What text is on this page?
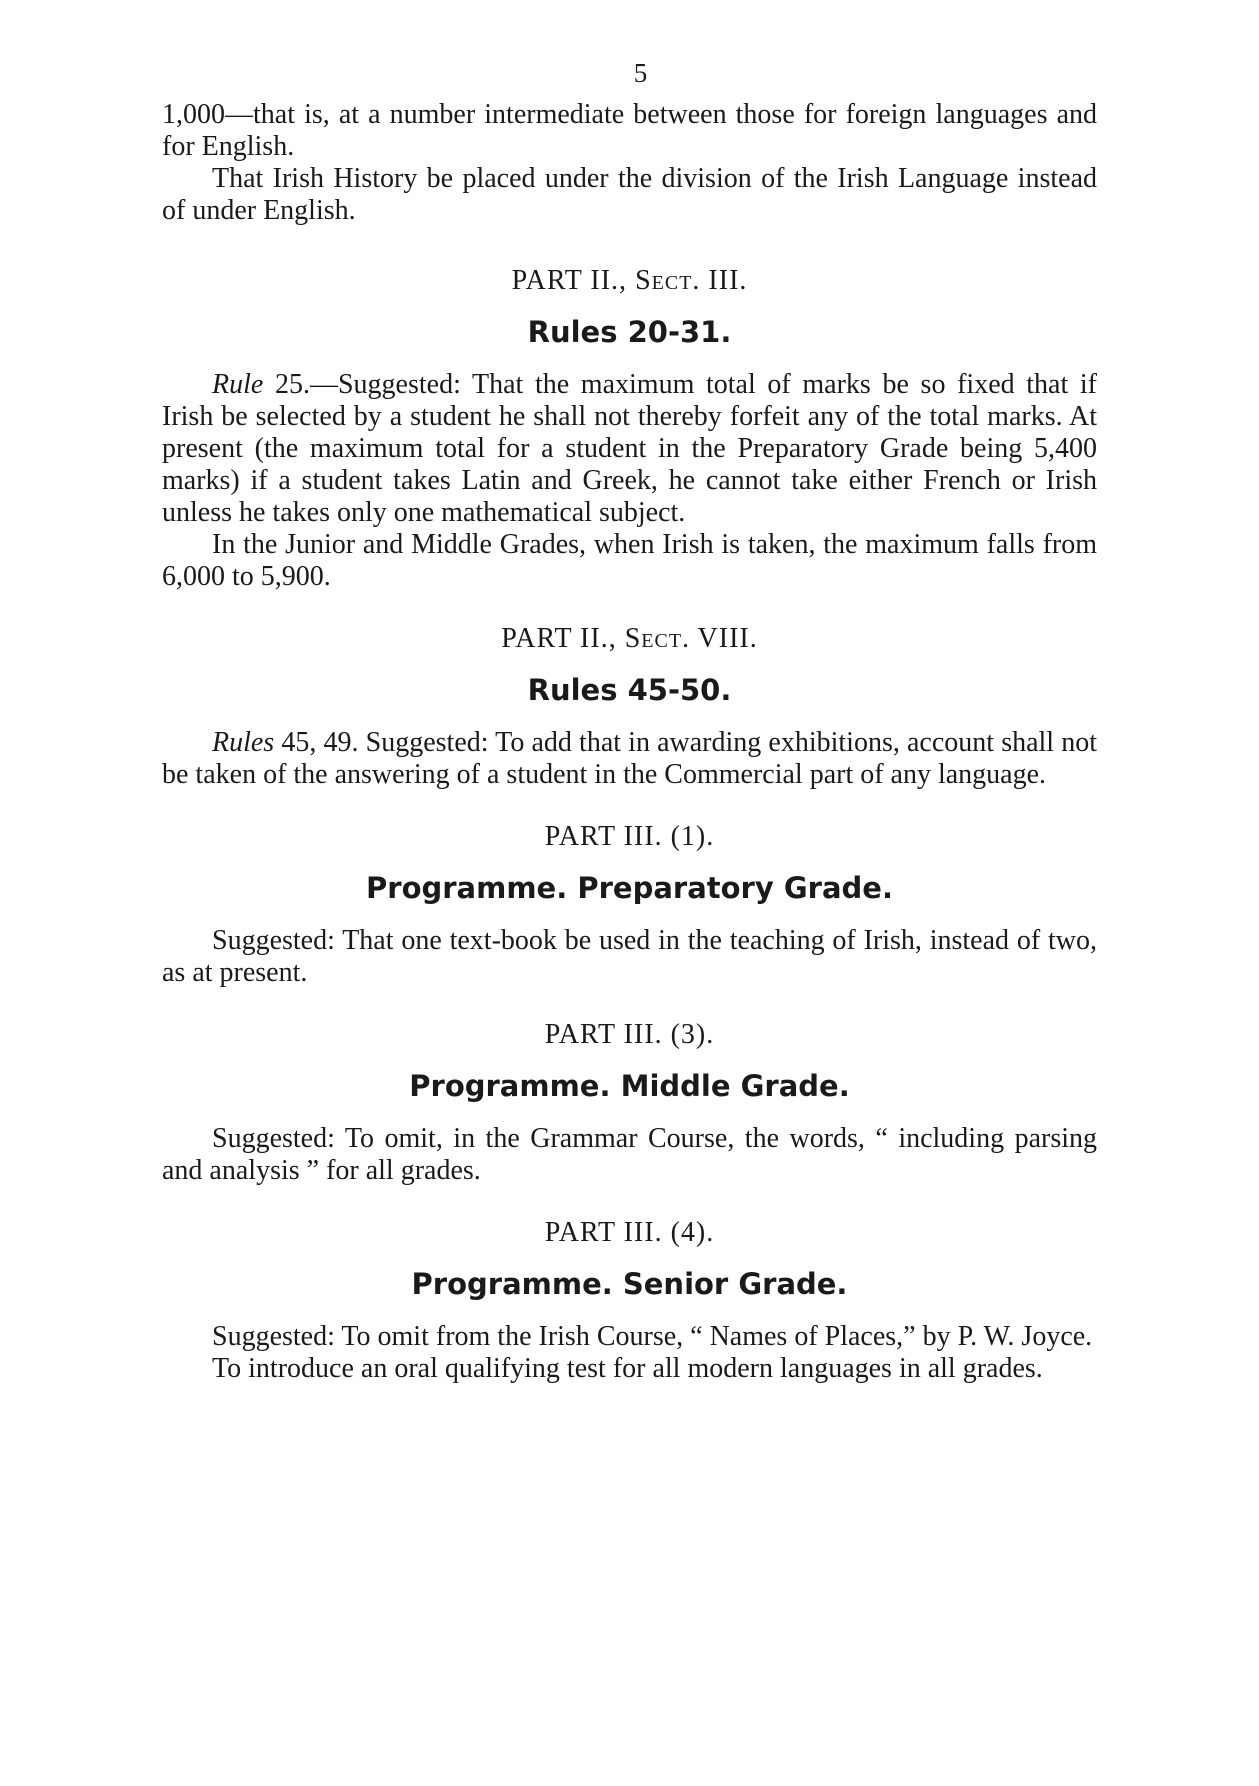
5

1,000—that is, at a number intermediate between those for foreign languages and for English.

That Irish History be placed under the division of the Irish Language instead of under English.

PART II., Sect. III.
Rules 20-31.

Rule 25.—Suggested: That the maximum total of marks be so fixed that if Irish be selected by a student he shall not thereby forfeit any of the total marks. At present (the maximum total for a student in the Preparatory Grade being 5,400 marks) if a student takes Latin and Greek, he cannot take either French or Irish unless he takes only one mathematical subject.

In the Junior and Middle Grades, when Irish is taken, the maximum falls from 6,000 to 5,900.

PART II., Sect. VIII.
Rules 45-50.

Rules 45, 49. Suggested: To add that in awarding exhibitions, account shall not be taken of the answering of a student in the Commercial part of any language.

PART III. (1).
Programme. Preparatory Grade.

Suggested: That one text-book be used in the teaching of Irish, instead of two, as at present.

PART III. (3).
Programme. Middle Grade.

Suggested: To omit, in the Grammar Course, the words, “ including parsing and analysis ” for all grades.

PART III. (4).
Programme. Senior Grade.

Suggested: To omit from the Irish Course, “ Names of Places,” by P. W. Joyce.

To introduce an oral qualifying test for all modern languages in all grades.
